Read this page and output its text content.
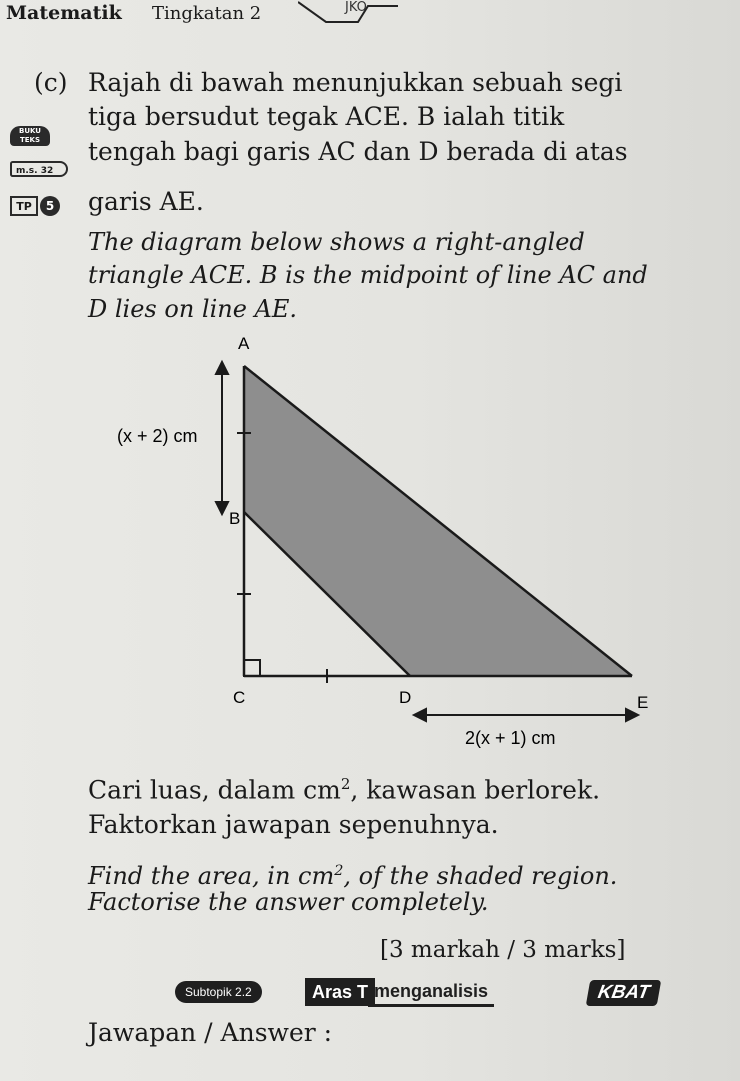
Matematik Tingkatan 2	JKO
(c) Rajah di bawah menunjukkan sebuah segi
tiga bersudut tegak ACE. B ialah titik
tengah bagi garis AC dan D berada di atas
garis AE.
BUKU TEKS
m.s. 32
TP	5
The diagram below shows a right-angled
triangle ACE. B is the midpoint of line AC and
D lies on line AE.
A
B
C	D	E
(x + 2) cm
2(x + 1) cm
Cari luas, dalam $cm^2$, kawasan berlorek.
Faktorkan jawapan sepenuhnya.
Find the area, in $cm^2$, of the shaded region.
Factorise the answer completely.
[3 markah / 3 marks]
Subtopik 2.2	Aras T menganalisis	KBAT
Jawapan / Answer :
